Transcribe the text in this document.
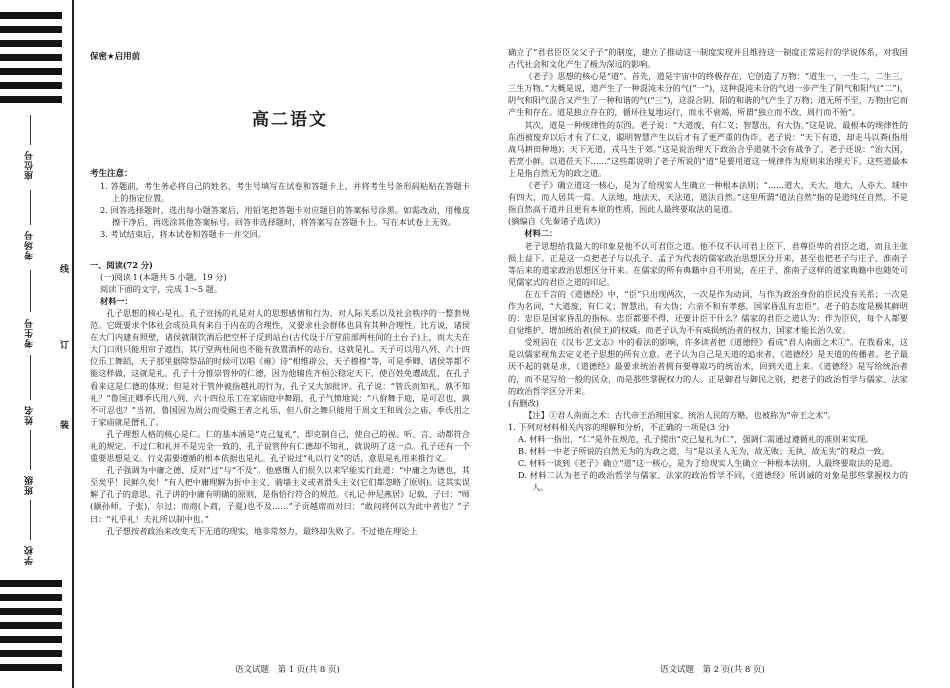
座位号
考场号
考生号
姓名
班级
学校
线
订
装
保密★启用前
高二语文

考生注意：

1. 答题前，考生务必将自己的姓名、考生号填写在试卷和答题卡上，并将考生号条形码粘贴在答题卡上的指定位置。

2. 回答选择题时，选出每小题答案后，用铅笔把答题卡对应题目的答案标号涂黑。如需改动，用橡皮擦干净后，再选涂其他答案标号。回答非选择题时，将答案写在答题卡上。写在本试卷上无效。

3. 考试结束后，将本试卷和答题卡一并交回。

一、阅读(72 分)

(一)阅读 I (本题共 5 小题，19 分)

阅读下面的文字，完成 1～5 题。

材料一：

孔子思想的核心是礼。孔子宣扬的礼是对人的思想感情和行为、对人际关系以及社会秩序的一整套规范。它既要求个体社会成员具有来自于内在的合理性，又要求社会群体也具有其种合理性。比方说，诸侯在大门内建有照壁，诸侯就制饮酒后把空杯子反到站台(古代设于厅堂前部两柱间的土台子)上，而大夫在大门口则只能用帘子遮挡，其厅堂两柱间也不能有放置酒杯的站台，这就是礼。天子可以用八列、六十四位乐工舞蹈，天子那里据除祭品的时候可以唱《雍》诗“相维辟公，天子穆穆”等，可是季卿、诸侯等都不能这样做，这就是礼。孔子十分推崇管仲的仁德，因为他辅佐齐桓公稳定天下，使百姓免遭战乱，在孔子看来这是仁德的体现；但是对于管仲被指越礼的行为，孔子又大加批评。孔子说：“管氏而知礼，孰不知礼？”鲁国正卿季氏用八列、六十四位乐工在家庙庭中舞蹈，孔子气愤地说：“八佾舞于庭，是可忍也，孰不可忍也？”当初，鲁国因为周公而受赐王者之礼乐，但八佾之舞只能用于周文王和周公之庙，季氏用之于家庙就是僭礼了。

孔子理想人格的核心是仁。仁的基本涵是“克己复礼”，即克制自己，使自己的视、听、言、动都符合礼的规定。不过仁和礼并不是完全一致的，孔子说管仲有仁德却不知礼，就说明了这一点。孔子还有一个重要思想是义。行义需要遵循的根本依据也是礼。孔子说过“礼以行义”的话，意思是礼用来推行义。

孔子强调为中庸之德，反对“过”与“不及”。他感慨人们很久以来罕能实行此道：“中庸之为德也，其至矣乎！民鲜久矣！”有人把中庸理解为折中主义、骑墙主义或者滑头主义(它们都忽略了原则)。这其实误解了孔子的意思。孔子讲的中庸有明确的原则，是指恰行符合的规范。《礼记·仲尼燕居》记载，子曰：“师(颛孙师，子张)，尔过；而商(卜商，子夏)也不及……”子贡越席而对曰：“敢问将何以为此中者也？”子曰：“礼乎礼！夫礼所以制中也。”

孔子想按者政治来改变天下无道的现实，地非常努力，最终却失败了。不过他在理论上

确立了“君君臣臣父父子子”的制度，建立了推动这一制度实现并且维持这一制度正常运行的学说体系，对我国古代社会和文化产生了极为深远的影响。

《老子》思想的核心是“道”。首先，道是宇宙中的终极存在，它创造了万物：“道生一，一生二，二生三，三生万物。”大概是说，道产生了一种混沌未分的气(“一”)，这种混沌未分的气进一步产生了阴气和阳气(“二”)，阴气和阳气混合又产生了一种和谐的气(“三”)，这混合阴、阳的和谐的气产生了万物；道无所不至，万物由它而产生和存在。道是独立存在的，循环往复地运行，而永不衰竭，所谓“独立而不改，周行而不殆”。

其次，道是一种规律性的东西。老子说：“大道废，有仁义；智慧出，有大伪。”这是说，最根本的规律性的东西被废弃以后才有了仁义，聪明智慧产生以后才有了更严重的伪诈。老子说：“天下有道，却走马以粪(指用战马耕田种地)；天下无道，戎马生于郊。”这是说治理天下政治合乎道就不会有战争了。老子还说：“治大国，若烹小鲜。以道莅天下……”这些都说明了老子所说的“道”是要用道这一规律作为原则来治理天下。这些道最本上是指自然无为的政之道。

《老子》确立道这一核心，是为了给现实人生确立一种根本法则；“……道大，天大，地大，人亦大。域中有四大，而人居其一焉。人法地，地法天，天法道，道法自然。”这里所谓“道法自然”指的是道纯任自然，不是指自然高于道并且更有本原的性质，因此人最终要取法的是道。

(摘编自《先秦诸子选读》)

材料二：

老子思想给我最大的印象是他不认可君臣之道。他不仅不认可君上臣下、君尊臣卑的君臣之道，而且主张损上益下。正是这一点把老子与以孔子、孟子为代表的儒家政治思想区分开来，甚至也把老子与庄子、淮南子等后来的道家政治思想区分开来。在儒家的所有典籍中自不用说，在庄子、淮南子这样的道家典籍中也随处可见儒家式的君臣之道的印记。

在五千言的《道德经》中，“臣”只出现两次，一次是作为动词，与作为政治身份的臣民没有关系；一次是作为名词，“大道废，有仁义；智慧出，有大伪；六亲不和有孝慈，国家昏乱有忠臣”。老子的态度是极其鲜明的：忠臣是国家昏乱的指标。忠臣都要不得，还要计臣干什么？儒家的君臣之道认为：作为臣民，每个人都要自觉维护、增加统治者(侯王)的权威。而老子认为不有威损统治者的权力，国家才能长治久安。

受班固在《汉书·艺文志》中的看法的影响，许多读者把《道德经》看成“君人南面之术①”。在我看来，这是以儒家视角去定义老子思想的所有立意。老子认为自己是天道的追求者，《道德经》是天道的传播者。老子最厌不起的就是求，《道德经》最要求统治者拥有要尊取巧的统治术，回到天道上来。《道德经》是写给统治者的，而不是写给一般的民众，而是那些掌握权力的人。正是御君与御民之别，把老子的政治哲学与儒家、法家的政治哲学区分开来。

(有删改)

【注】①君人南面之术：古代帝王治理国家、统治人民的方略，也被称为“帝王之术”。

1. 下列对材料相关内容的理解和分析，不正确的一项是(3 分)

A. 材料一指出，“仁”是外在规范，孔子提出“克己复礼为仁”，强调仁需通过遵循礼的准则来实现。

B. 材料一中老子所说的自然无为的为政之道，与“是以圣人无为，故无败；无执，故无失”的观点一致。

C. 材料一谈到《老子》确立“道”这一核心，是为了给现实人生确立一种根本法则，人最终要取法的是道。

D. 材料二认为老子的政治哲学与儒家、法家的政治哲学不同，《道德经》所训诫的对象是那些掌握权力的人。

语文试题　第 1 页(共 8 页)	语文试题　第 2 页(共 8 页)
